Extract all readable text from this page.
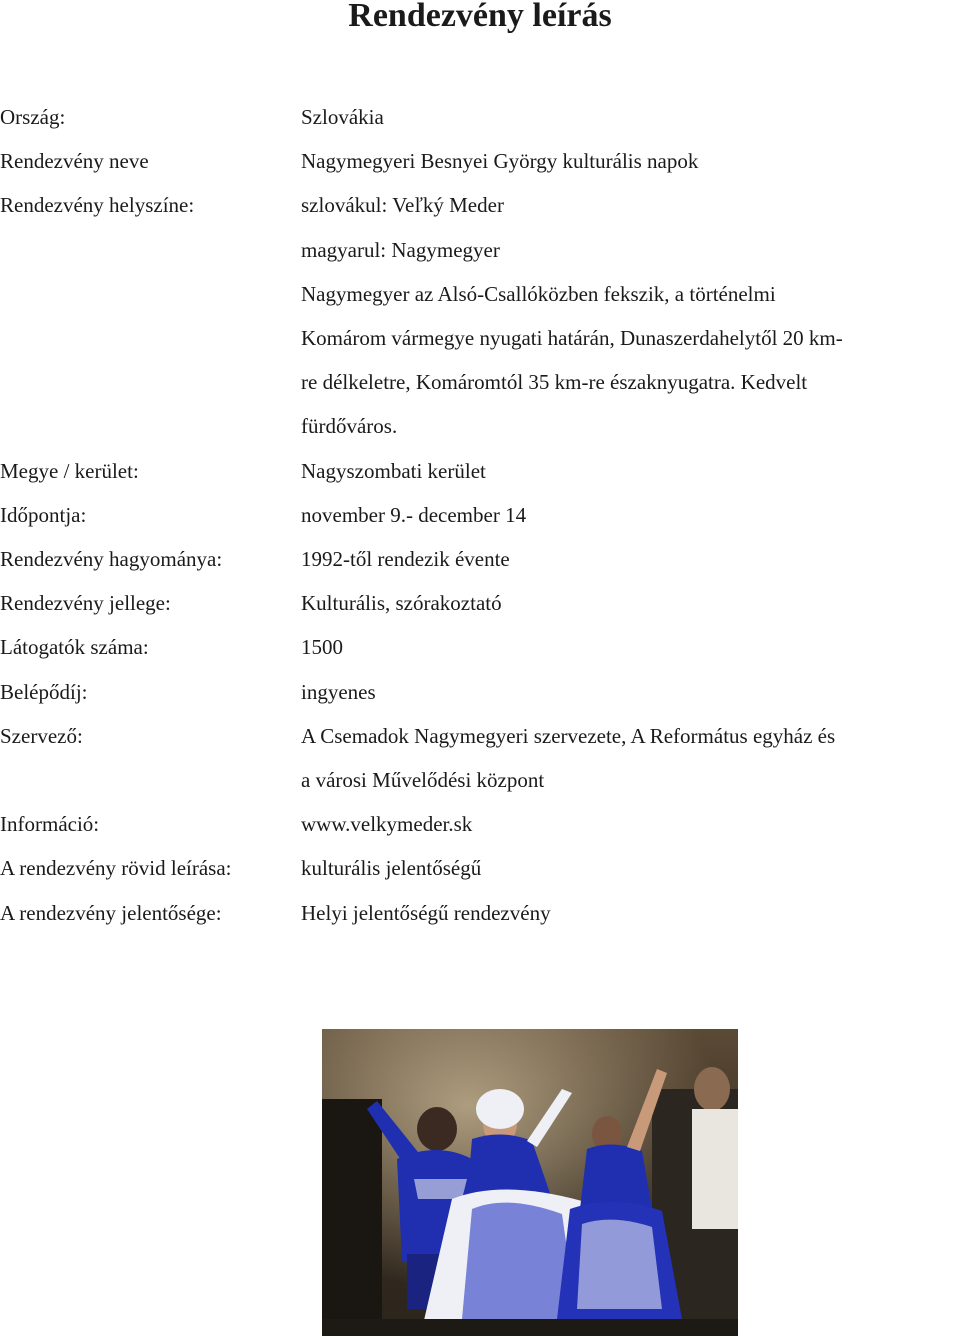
Rendezvény leírás
Ország:	Szlovákia
Rendezvény neve	Nagymegyeri Besnyei György kulturális napok
Rendezvény helyszíne:	szlovákul: Veľký Meder
magyarul: Nagymegyer
Nagymegyer az Alsó-Csallóközben fekszik, a történelmi
Komárom vármegye nyugati határán, Dunaszerdahelytől 20 km-
re délkeletre, Komáromtól 35 km-re északnyugatra. Kedvelt
fürdőváros.
Megye / kerület:	Nagyszombati kerület
Időpontja:	november 9.- december 14
Rendezvény hagyománya:	1992-től rendezik évente
Rendezvény jellege:	Kulturális, szórakoztató
Látogatók száma:	1500
Belépődíj:	ingyenes
Szervező:	A Csemadok Nagymegyeri szervezete, A Református egyház és
a városi Művelődési központ
Információ:	www.velkymeder.sk
A rendezvény rövid leírása:	kulturális jelentőségű
A rendezvény jelentősége:	Helyi jelentőségű rendezvény
